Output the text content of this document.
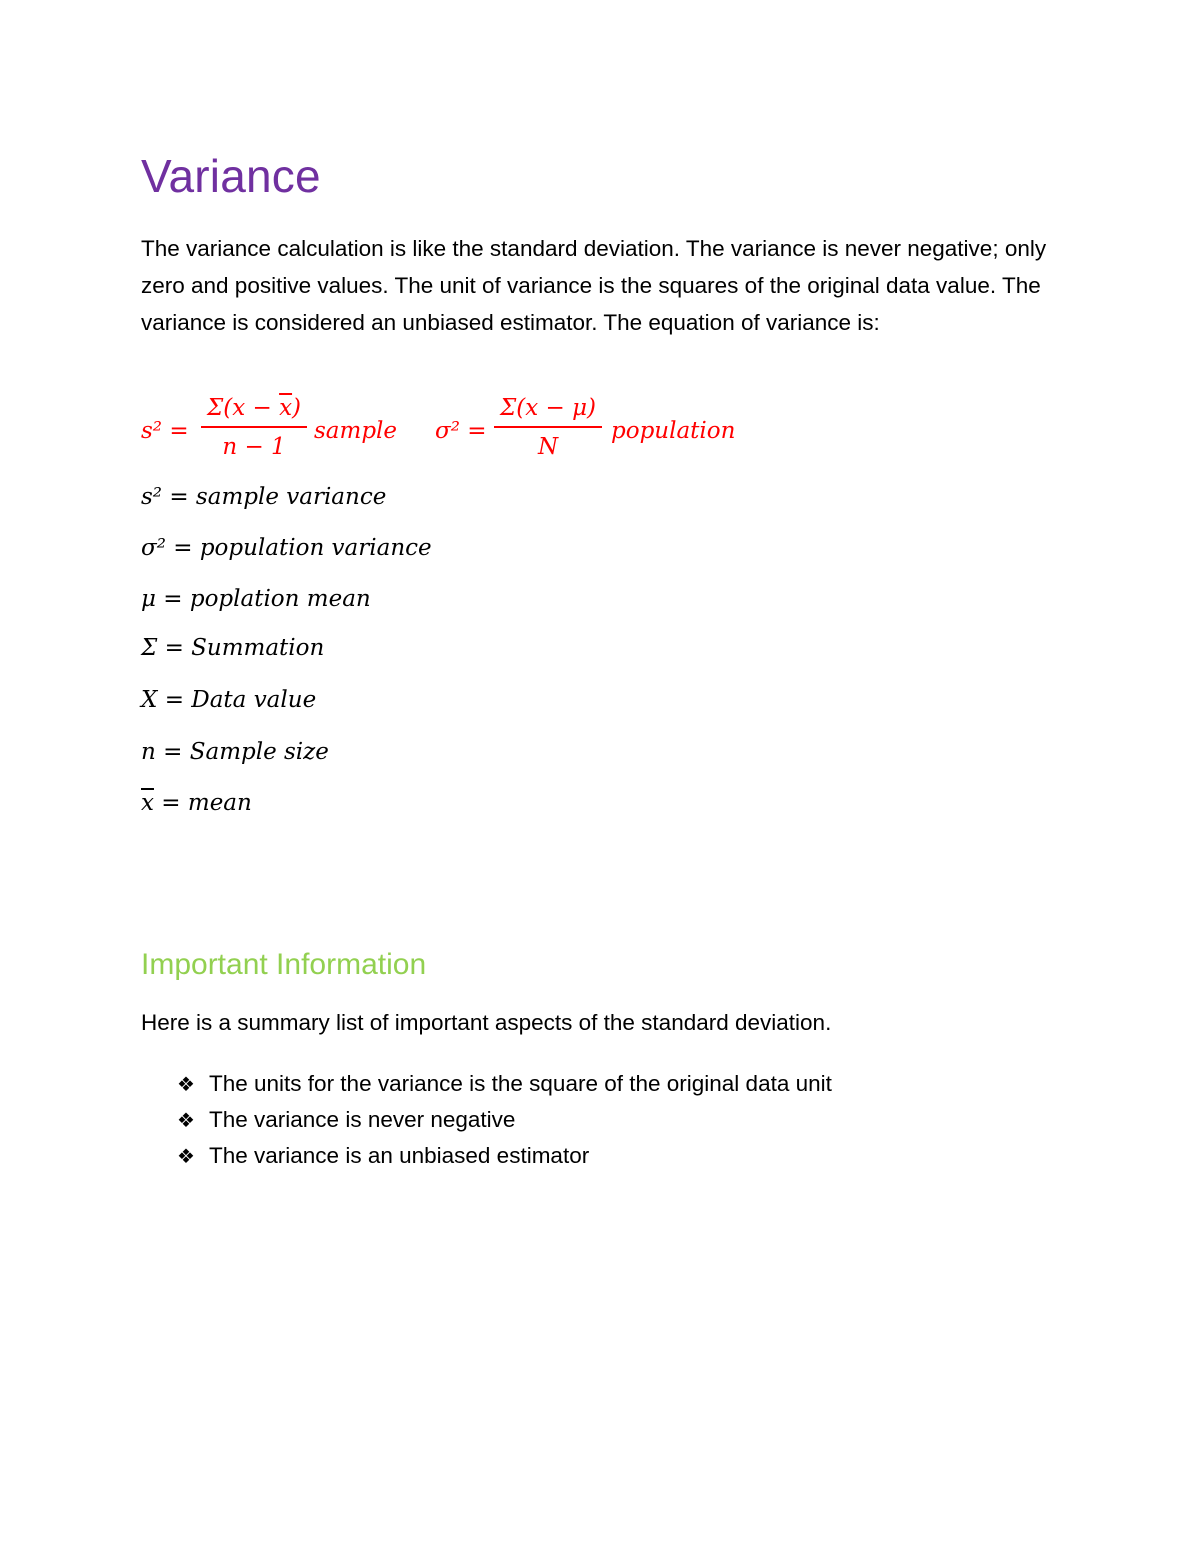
Variance

The variance calculation is like the standard deviation. The variance is never negative; only zero and positive values. The unit of variance is the squares of the original data value. The variance is considered an unbiased estimator. The equation of variance is:

s² =
$\Sigma(x - \overline{x})$
n − 1
sample σ² =
Σ(x − μ)
N
population

s² = sample variance

σ² = population variance

μ = poplation mean

Σ = Summation

X = Data value

n = Sample size

$\overline{x}$ = mean

Important Information

Here is a summary list of important aspects of the standard deviation.

❖ The units for the variance is the square of the original data unit
❖ The variance is never negative
❖ The variance is an unbiased estimator
